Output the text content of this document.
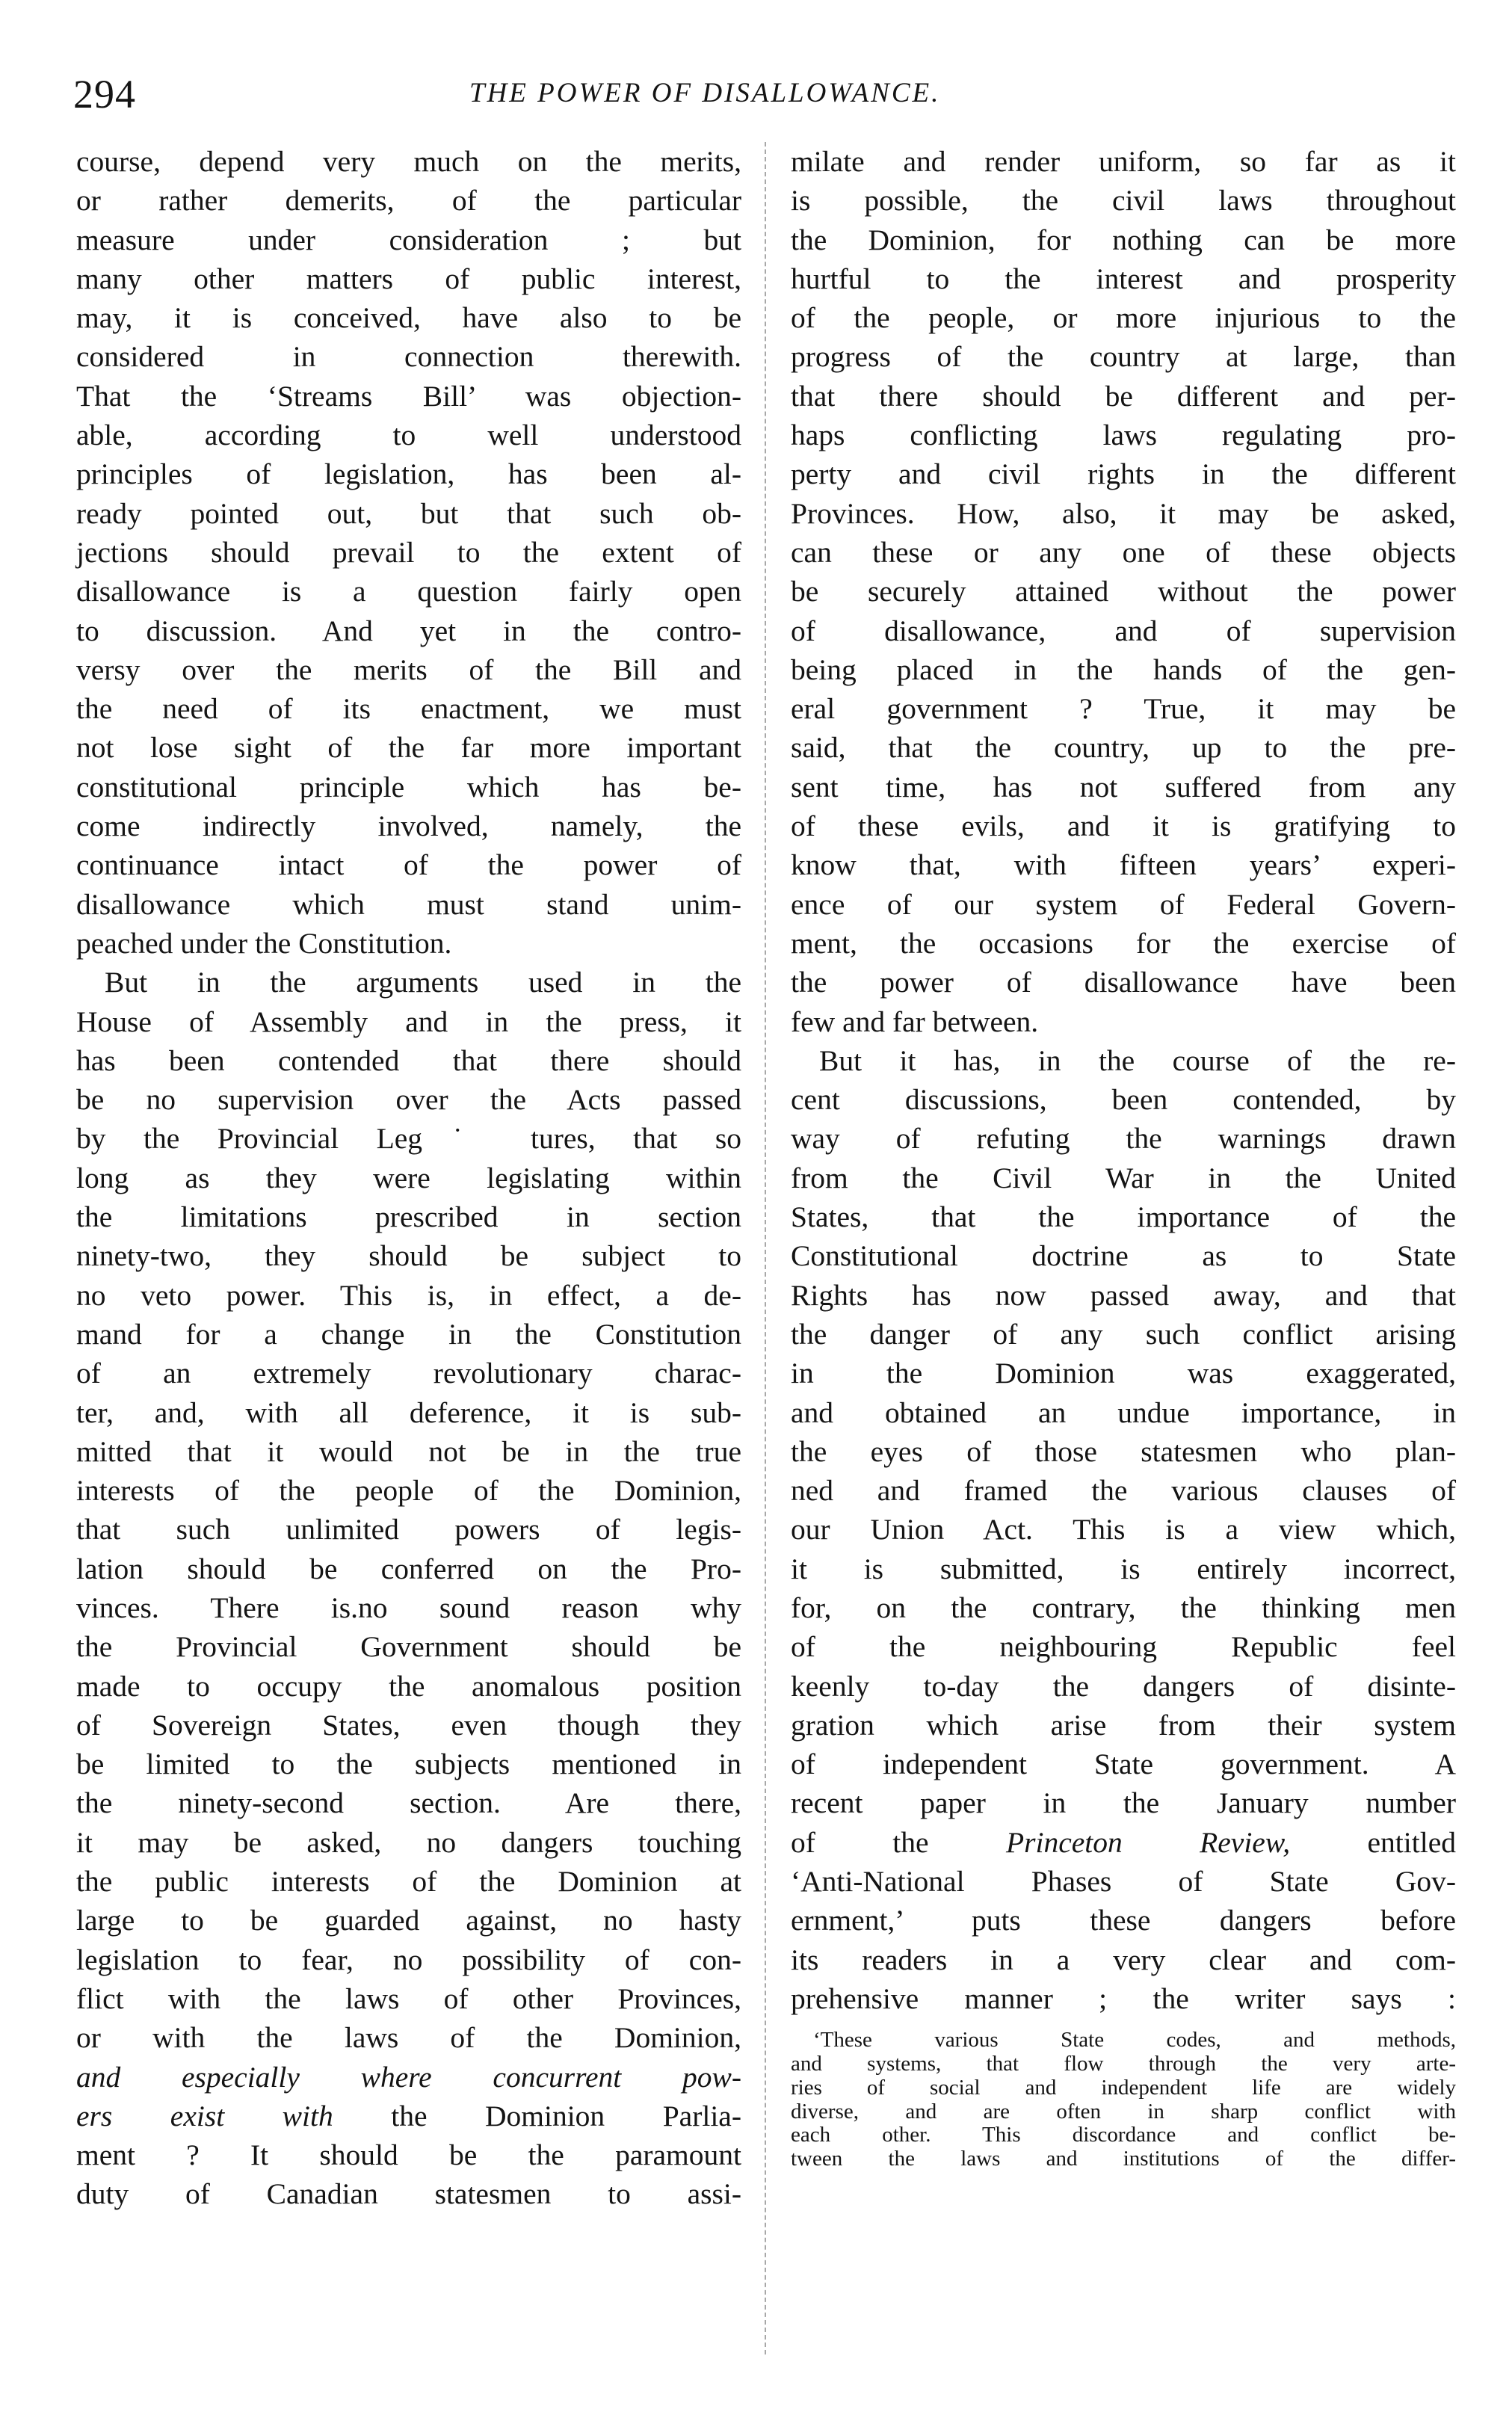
294	THE POWER OF DISALLOWANCE.
course, depend very much on the merits,
or rather demerits, of the particular
measure under consideration ; but
many other matters of public interest,
may, it is conceived, have also to be
considered in connection therewith.
That the ‘Streams Bill’ was objection-
able, according to well understood
principles of legislation, has been al-
ready pointed out, but that such ob-
jections should prevail to the extent of
disallowance is a question fairly open
to discussion. And yet in the contro-
versy over the merits of the Bill and
the need of its enactment, we must
not lose sight of the far more important
constitutional principle which has be-
come indirectly involved, namely, the
continuance intact of the power of
disallowance which must stand unim-
peached under the Constitution.
But in the arguments used in the
House of Assembly and in the press, it
has been contended that there should
be no supervision over the Acts passed
by the Provincial Leg˙ tures, that so
long as they were legislating within
the limitations prescribed in section
ninety-two, they should be subject to
no veto power. This is, in effect, a de-
mand for a change in the Constitution
of an extremely revolutionary charac-
ter, and, with all deference, it is sub-
mitted that it would not be in the true
interests of the people of the Dominion,
that such unlimited powers of legis-
lation should be conferred on the Pro-
vinces. There is.no sound reason why
the Provincial Government should be
made to occupy the anomalous position
of Sovereign States, even though they
be limited to the subjects mentioned in
the ninety-second section. Are there,
it may be asked, no dangers touching
the public interests of the Dominion at
large to be guarded against, no hasty
legislation to fear, no possibility of con-
flict with the laws of other Provinces,
or with the laws of the Dominion,
and especially where concurrent pow-
ers exist with the Dominion Parlia-
ment ? It should be the paramount
duty of Canadian statesmen to assi-
milate and render uniform, so far as it
is possible, the civil laws throughout
the Dominion, for nothing can be more
hurtful to the interest and prosperity
of the people, or more injurious to the
progress of the country at large, than
that there should be different and per-
haps conflicting laws regulating pro-
perty and civil rights in the different
Provinces. How, also, it may be asked,
can these or any one of these objects
be securely attained without the power
of disallowance, and of supervision
being placed in the hands of the gen-
eral government ? True, it may be
said, that the country, up to the pre-
sent time, has not suffered from any
of these evils, and it is gratifying to
know that, with fifteen years’ experi-
ence of our system of Federal Govern-
ment, the occasions for the exercise of
the power of disallowance have been
few and far between.
But it has, in the course of the re-
cent discussions, been contended, by
way of refuting the warnings drawn
from the Civil War in the United
States, that the importance of the
Constitutional doctrine as to State
Rights has now passed away, and that
the danger of any such conflict arising
in the Dominion was exaggerated,
and obtained an undue importance, in
the eyes of those statesmen who plan-
ned and framed the various clauses of
our Union Act. This is a view which,
it is submitted, is entirely incorrect,
for, on the contrary, the thinking men
of the neighbouring Republic feel
keenly to-day the dangers of disinte-
gration which arise from their system
of independent State government. A
recent paper in the January number
of the Princeton Review, entitled
‘Anti-National Phases of State Gov-
ernment,’ puts these dangers before
its readers in a very clear and com-
prehensive manner ; the writer says :
‘These various State codes, and methods,
and systems, that flow through the very arte-
ries of social and independent life are widely
diverse, and are often in sharp conflict with
each other. This discordance and conflict be-
tween the laws and institutions of the differ-
